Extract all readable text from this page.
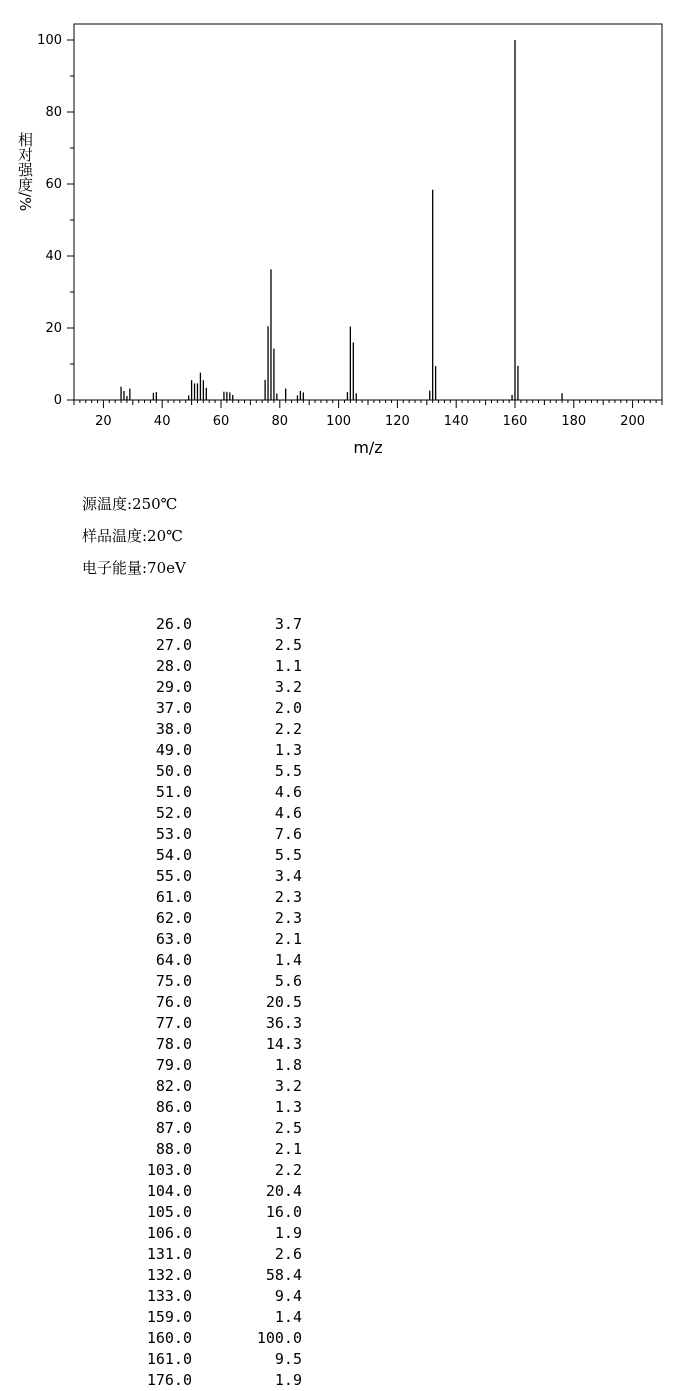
0
20
40
60
80
100
20	40	60	80	100	120	140	160	180	200
m/z
相对强度/%
源温度:250℃
样品温度:20℃
电子能量:70eV
26.0	3.7
27.0	2.5
28.0	1.1
29.0	3.2
37.0	2.0
38.0	2.2
49.0	1.3
50.0	5.5
51.0	4.6
52.0	4.6
53.0	7.6
54.0	5.5
55.0	3.4
61.0	2.3
62.0	2.3
63.0	2.1
64.0	1.4
75.0	5.6
76.0	20.5
77.0	36.3
78.0	14.3
79.0	1.8
82.0	3.2
86.0	1.3
87.0	2.5
88.0	2.1
103.0	2.2
104.0	20.4
105.0	16.0
106.0	1.9
131.0	2.6
132.0	58.4
133.0	9.4
159.0	1.4
160.0	100.0
161.0	9.5
176.0	1.9
